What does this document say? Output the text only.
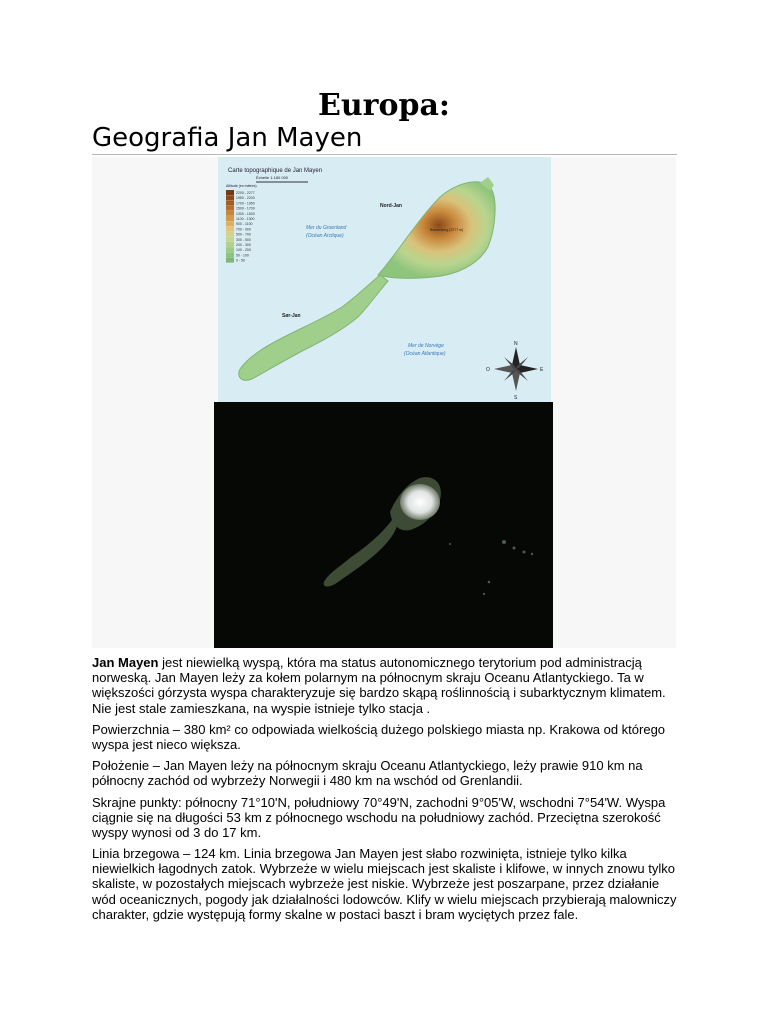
Europa:
Geografia Jan Mayen
Carte topographique de Jan Mayen
Échelle 1:180 000
Altitude (en mètres)
2200 - 2277
1950 - 2200
1700 - 1950
1500 - 1700
1300 - 1500
1100 - 1300
900 - 1100
700 - 900
500 - 700
300 - 500
200 - 300
100 - 200
50 - 100
0 - 50
Nord-Jan
Beerenberg (2277 m)
Sør-Jan
Mer du Groenland
(Océan Arctique)
Mer de Norvège
(Océan Atlantique)
N
S
E
O
Jan Mayen jest niewielką wyspą, która ma status autonomicznego terytorium pod administracją norweską. Jan Mayen leży za kołem polarnym na północnym skraju Oceanu Atlantyckiego. Ta w większości górzysta wyspa charakteryzuje się bardzo skąpą roślinnością i subarktycznym klimatem. Nie jest stale zamieszkana, na wyspie istnieje tylko stacja .
Powierzchnia – 380 km² co odpowiada wielkością dużego polskiego miasta np. Krakowa od którego wyspa jest nieco większa.
Położenie – Jan Mayen leży na północnym skraju Oceanu Atlantyckiego, leży prawie 910 km na północny zachód od wybrzeży Norwegii i 480 km na wschód od Grenlandii.
Skrajne punkty: północny 71°10'N, południowy 70°49'N, zachodni 9°05'W, wschodni 7°54'W. Wyspa ciągnie się na długości 53 km z północnego wschodu na południowy zachód. Przeciętna szerokość wyspy wynosi od 3 do 17 km.
Linia brzegowa – 124 km. Linia brzegowa Jan Mayen jest słabo rozwinięta, istnieje tylko kilka niewielkich łagodnych zatok. Wybrzeże w wielu miejscach jest skaliste i klifowe, w innych znowu tylko skaliste, w pozostałych miejscach wybrzeże jest niskie. Wybrzeże jest poszarpane, przez działanie wód oceanicznych, pogody jak działalności lodowców. Klify w wielu miejscach przybierają malowniczy charakter, gdzie występują formy skalne w postaci baszt i bram wyciętych przez fale.
